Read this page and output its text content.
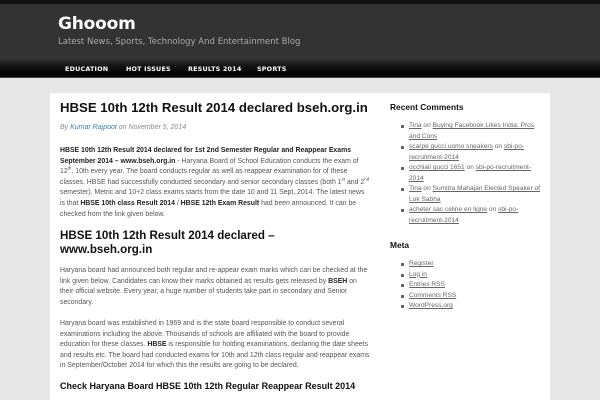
Ghooom
Latest News, Sports, Technology And Entertainment Blog
EDUCATION	HOT ISSUES	RESULTS 2014 SPORTS
HBSE 10th 12th Result 2014 declared bseh.org.in
By Kumar Rajpoot on November 5, 2014

HBSE 10th 12th Result 2014 declared for 1st 2nd Semester Regular and Reappear Exams September 2014 – www.bseh.org.in - Haryana Board of School Education conducts the exam of 12th, 10th every year. The board conducts regular as well as reappear examination for of these classes. HBSE had successfully conducted secondary and senior secondary classes (both 1st and 2nd semester). Metric and 10+2 class exams starts from the date 10 and 11 Sept, 2014. The latest news is that HBSE 10th class Result 2014 / HBSE 12th Exam Result had been announced. It can be checked from the link given below.

HBSE 10th 12th Result 2014 declared – www.bseh.org.in

Haryana board had announced both regular and re-appear exam marks which can be checked at the link given below. Candidates can know their marks obtained as results gets released by BSEH on their official website. Every year, a huge number of students take part in secondary and Senior secondary.

Haryana board was established in 1969 and is the state board responsible to conduct several examinations including the above. Thousands of schools are affiliated with the board to provide education for these classes. HBSE is responsible for holding examinations, declaring the date sheets and results etc. The board had conducted exams for 10th and 12th class regular and reappear exams in September/October 2014 for which this the results are going to be declared.

Check Haryana Board HBSE 10th 12th Regular Reappear Result 2014
Recent Comments
Tina on Buying Facebook Likes India: Pros and Cons
scarpe gucci uomo sneakers on sbi-po-recruitment-2014
occhiali gucci 1651 on sbi-po-recruitment-2014
Tina on Sumitra Mahajan Elected Speaker of Lok Sabha
acheter sac celine en ligne on sbi-po-recruitment-2014
Meta
Register
Log in
Entries RSS
Comments RSS
WordPress.org
